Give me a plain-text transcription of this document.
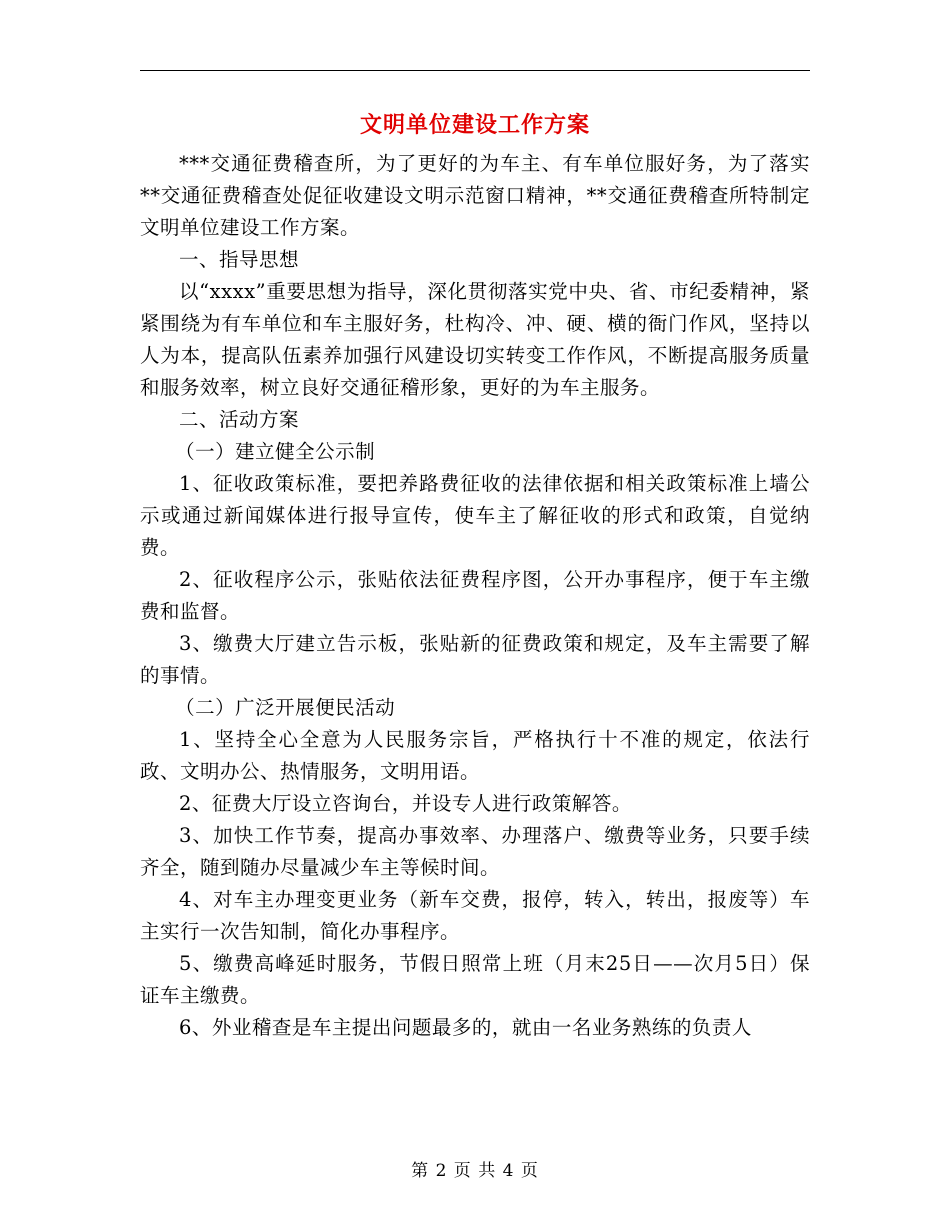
文明单位建设工作方案

***交通征费稽查所，为了更好的为车主、有车单位服好务，为了落实**交通征费稽查处促征收建设文明示范窗口精神，**交通征费稽查所特制定文明单位建设工作方案。

一、指导思想

以“xxxx”重要思想为指导，深化贯彻落实党中央、省、市纪委精神，紧紧围绕为有车单位和车主服好务，杜构冷、冲、硬、横的衙门作风，坚持以人为本，提高队伍素养加强行风建设切实转变工作作风，不断提高服务质量和服务效率，树立良好交通征稽形象，更好的为车主服务。

二、活动方案

（一）建立健全公示制

1、征收政策标准，要把养路费征收的法律依据和相关政策标准上墙公示或通过新闻媒体进行报导宣传，使车主了解征收的形式和政策，自觉纳费。

2、征收程序公示，张贴依法征费程序图，公开办事程序，便于车主缴费和监督。

3、缴费大厅建立告示板，张贴新的征费政策和规定，及车主需要了解的事情。

（二）广泛开展便民活动

1、坚持全心全意为人民服务宗旨，严格执行十不准的规定，依法行政、文明办公、热情服务，文明用语。

2、征费大厅设立咨询台，并设专人进行政策解答。

3、加快工作节奏，提高办事效率、办理落户、缴费等业务，只要手续齐全，随到随办尽量减少车主等候时间。

4、对车主办理变更业务（新车交费，报停，转入，转出，报废等）车主实行一次告知制，简化办事程序。

5、缴费高峰延时服务，节假日照常上班（月末25日——次月5日）保证车主缴费。

6、外业稽查是车主提出问题最多的，就由一名业务熟练的负责人

第 2 页 共 4 页
